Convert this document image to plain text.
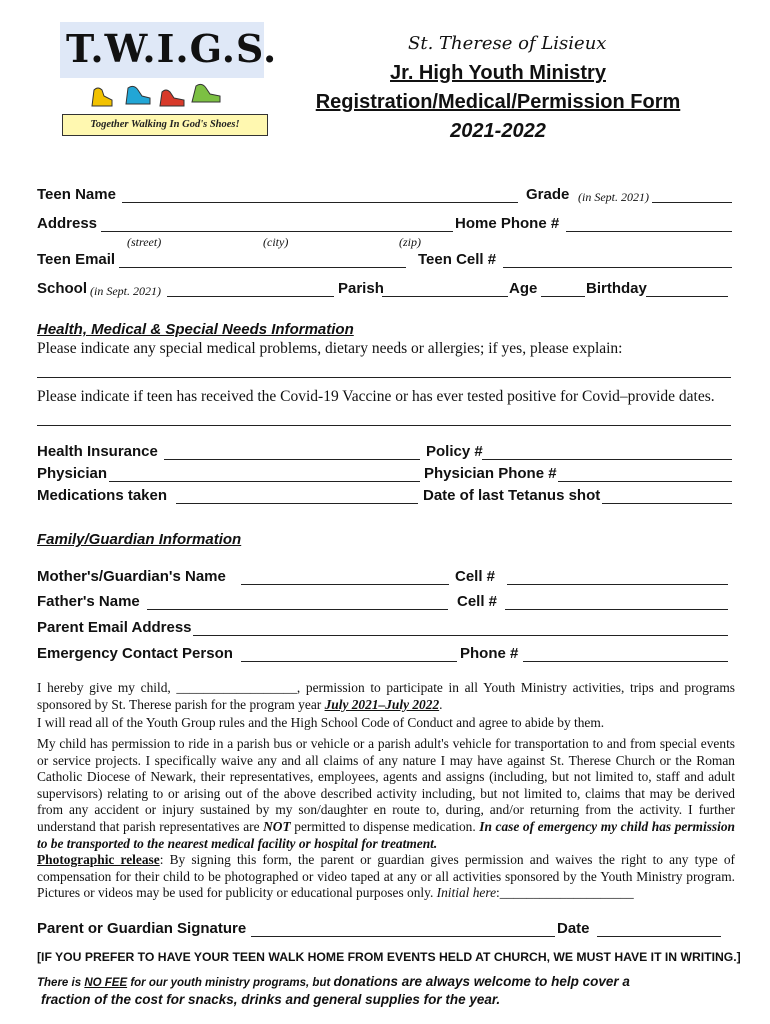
T.W.I.G.S.
Together Walking In God's Shoes!
St. Therese of Lisieux
Jr. High Youth Ministry
Registration/Medical/Permission Form
2021-2022
Teen Name	Grade (in Sept. 2021)
Address	Home Phone #
(street)	(city)	(zip)
Teen Email	Teen Cell #
School (in Sept. 2021)	Parish	Age	Birthday
Health, Medical & Special Needs Information
Please indicate any special medical problems, dietary needs or allergies; if yes, please explain:
Please indicate if teen has received the Covid-19 Vaccine or has ever tested positive for Covid–provide dates.
Health Insurance	Policy #
Physician	Physician Phone #
Medications taken	Date of last Tetanus shot
Family/Guardian Information
Mother's/Guardian's Name	Cell #
Father's Name	Cell #
Parent Email Address
Emergency Contact Person	Phone #
I hereby give my child, __________________, permission to participate in all Youth Ministry activities, trips and programs sponsored by St. Therese parish for the program year July 2021–July 2022.
I will read all of the Youth Group rules and the High School Code of Conduct and agree to abide by them.
My child has permission to ride in a parish bus or vehicle or a parish adult's vehicle for transportation to and from special events or service projects. I specifically waive any and all claims of any nature I may have against St. Therese Church or the Roman Catholic Diocese of Newark, their representatives, employees, agents and assigns (including, but not limited to, staff and adult supervisors) relating to or arising out of the above described activity including, but not limited to, claims that may be derived from any accident or injury sustained by my son/daughter en route to, during, and/or returning from the activity. I further understand that parish representatives are NOT permitted to dispense medication. In case of emergency my child has permission to be transported to the nearest medical facility or hospital for treatment.
Photographic release: By signing this form, the parent or guardian gives permission and waives the right to any type of compensation for their child to be photographed or video taped at any or all activities sponsored by the Youth Ministry program. Pictures or videos may be used for publicity or educational purposes only. Initial here:____________________
Parent or Guardian Signature	Date
[IF YOU PREFER TO HAVE YOUR TEEN WALK HOME FROM EVENTS HELD AT CHURCH, WE MUST HAVE IT IN WRITING.]
There is NO FEE for our youth ministry programs, but donations are always welcome to help cover a
fraction of the cost for snacks, drinks and general supplies for the year.
